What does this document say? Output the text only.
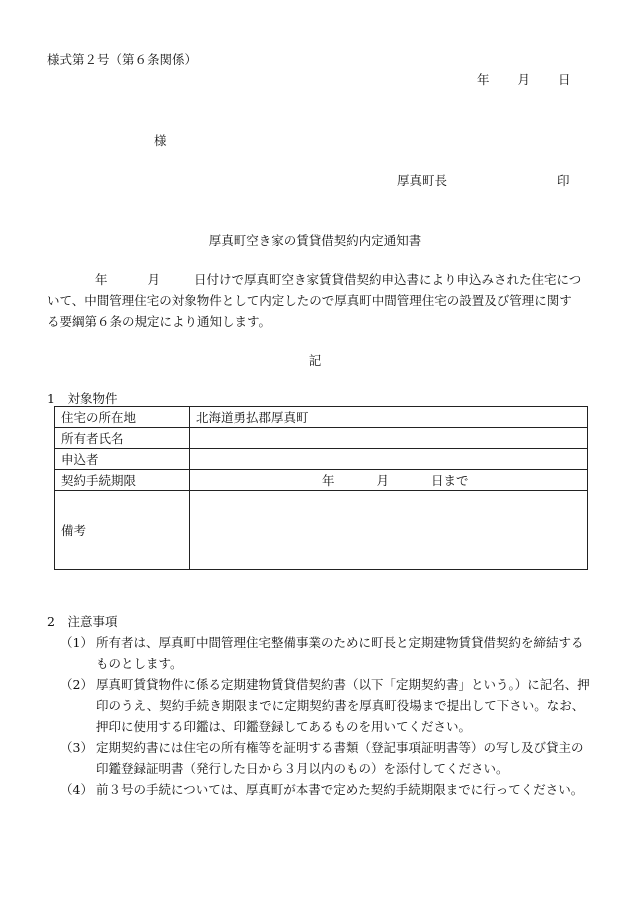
様式第２号（第６条関係）
年 月 日
様
厚真町長	印
厚真町空き家の賃貸借契約内定通知書
年	月	日付けで厚真町空き家賃貸借契約申込書により申込みされた住宅について、中間管理住宅の対象物件として内定したので厚真町中間管理住宅の設置及び管理に関する要綱第６条の規定により通知します。
記
1　対象物件
住宅の所在地	北海道勇払郡厚真町
所有者氏名	
申込者	
契約手続期限	年 月 日まで
備考	
2　注意事項
（1） 所有者は、厚真町中間管理住宅整備事業のために町長と定期建物賃貸借契約を締結するものとします。
（2） 厚真町賃貸物件に係る定期建物賃貸借契約書（以下「定期契約書」という。）に記名、押印のうえ、契約手続き期限までに定期契約書を厚真町役場まで提出して下さい。なお、押印に使用する印鑑は、印鑑登録してあるものを用いてください。
（3） 定期契約書には住宅の所有権等を証明する書類（登記事項証明書等）の写し及び貸主の印鑑登録証明書（発行した日から３月以内のもの）を添付してください。
（4） 前３号の手続については、厚真町が本書で定めた契約手続期限までに行ってください。
